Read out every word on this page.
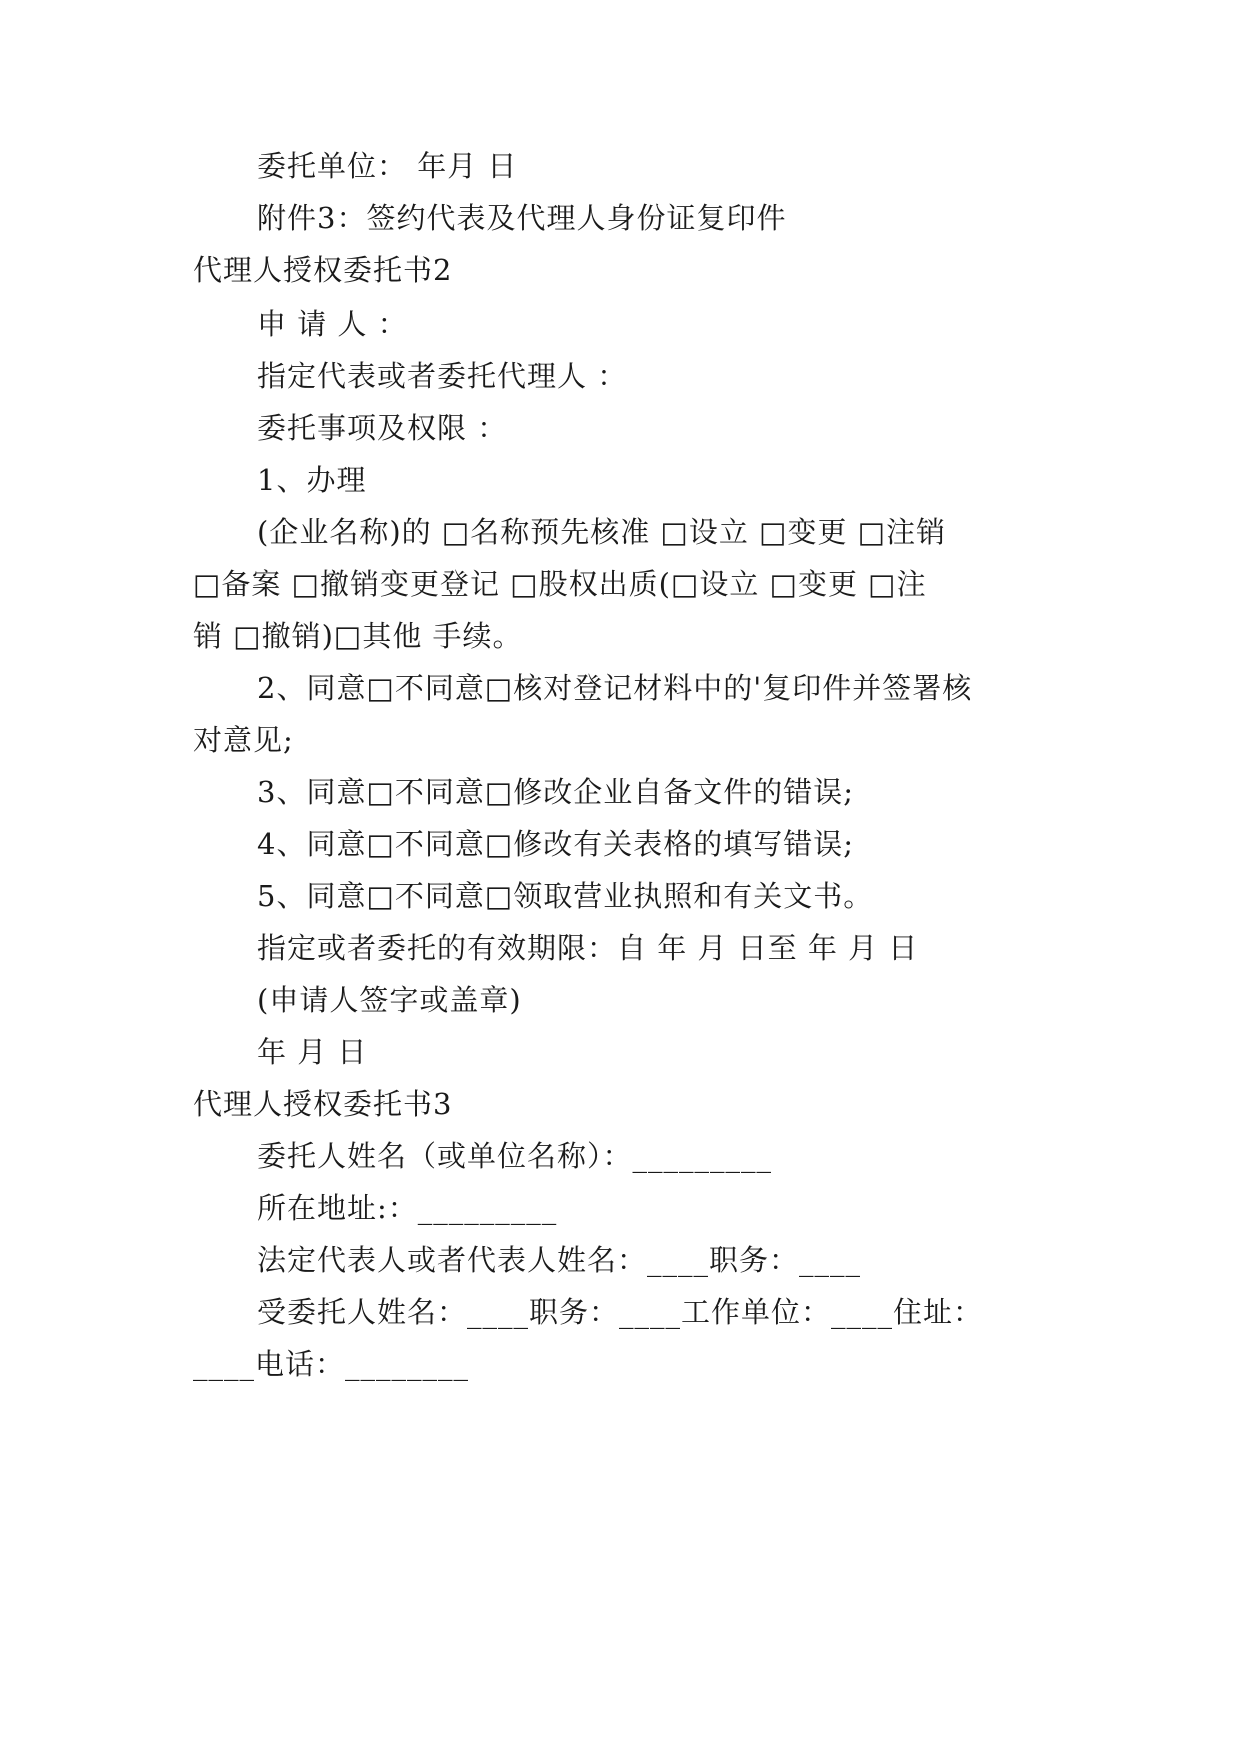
委托单位： 年月 日
附件3：签约代表及代理人身份证复印件
代理人授权委托书2
申 请 人 ：
指定代表或者委托代理人 ：
委托事项及权限 ：
1、办理
(企业名称)的 □名称预先核准 □设立 □变更 □注销
□备案 □撤销变更登记 □股权出质(□设立 □变更 □注
销 □撤销)□其他 手续。
2、同意□不同意□核对登记材料中的'复印件并签署核
对意见;
3、同意□不同意□修改企业自备文件的错误;
4、同意□不同意□修改有关表格的填写错误;
5、同意□不同意□领取营业执照和有关文书。
指定或者委托的有效期限：自 年 月 日至 年 月 日
(申请人签字或盖章)
年 月 日
代理人授权委托书3
委托人姓名（或单位名称）：_________
所在地址:：_________
法定代表人或者代表人姓名：____职务：____
受委托人姓名：____职务：____工作单位：____住址：
____电话：________
